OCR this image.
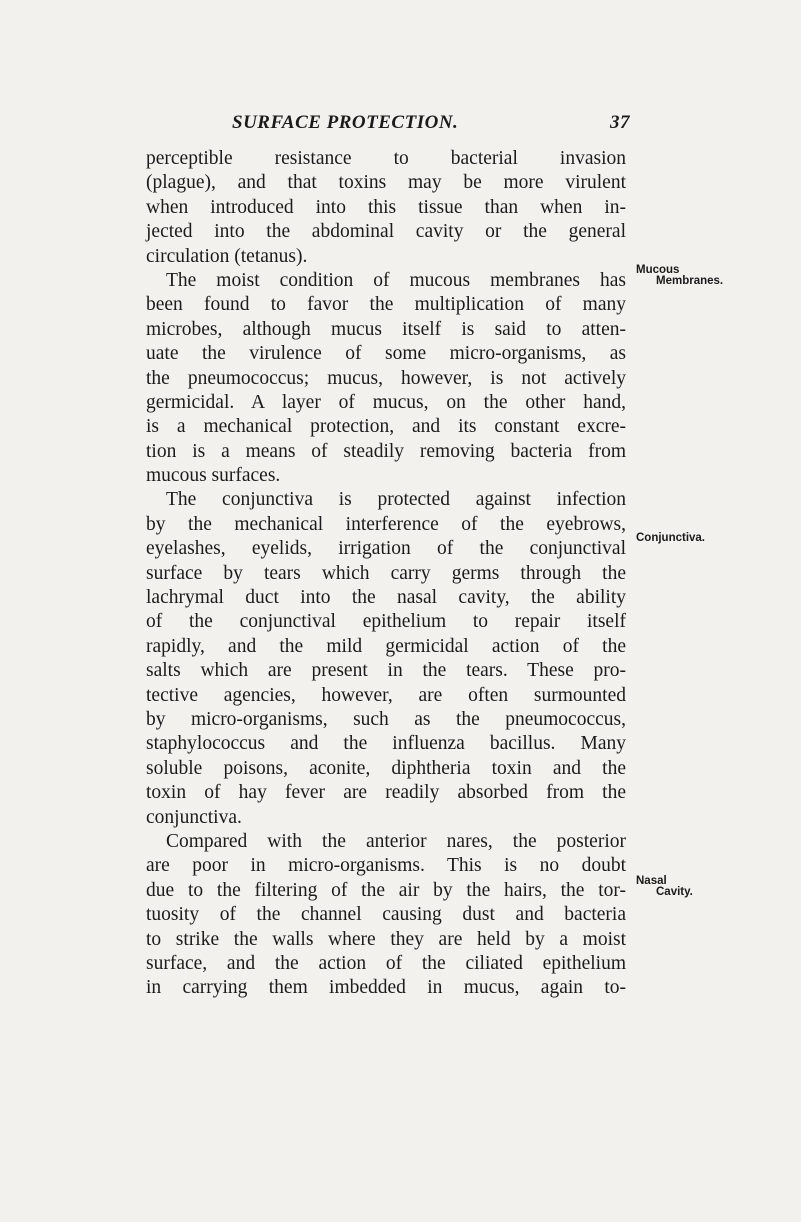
SURFACE PROTECTION.	37
perceptible resistance to bacterial invasion
(plague), and that toxins may be more virulent
when introduced into this tissue than when in-
jected into the abdominal cavity or the general
circulation (tetanus).
The moist condition of mucous membranes has
been found to favor the multiplication of many
microbes, although mucus itself is said to atten-
uate the virulence of some micro-organisms, as
the pneumococcus; mucus, however, is not actively
germicidal. A layer of mucus, on the other hand,
is a mechanical protection, and its constant excre-
tion is a means of steadily removing bacteria from
mucous surfaces.
The conjunctiva is protected against infection
by the mechanical interference of the eyebrows,
eyelashes, eyelids, irrigation of the conjunctival
surface by tears which carry germs through the
lachrymal duct into the nasal cavity, the ability
of the conjunctival epithelium to repair itself
rapidly, and the mild germicidal action of the
salts which are present in the tears. These pro-
tective agencies, however, are often surmounted
by micro-organisms, such as the pneumococcus,
staphylococcus and the influenza bacillus. Many
soluble poisons, aconite, diphtheria toxin and the
toxin of hay fever are readily absorbed from the
conjunctiva.
Compared with the anterior nares, the posterior
are poor in micro-organisms. This is no doubt
due to the filtering of the air by the hairs, the tor-
tuosity of the channel causing dust and bacteria
to strike the walls where they are held by a moist
surface, and the action of the ciliated epithelium
in carrying them imbedded in mucus, again to-
Mucous
Membranes.
Conjunctiva.
Nasal
Cavity.
